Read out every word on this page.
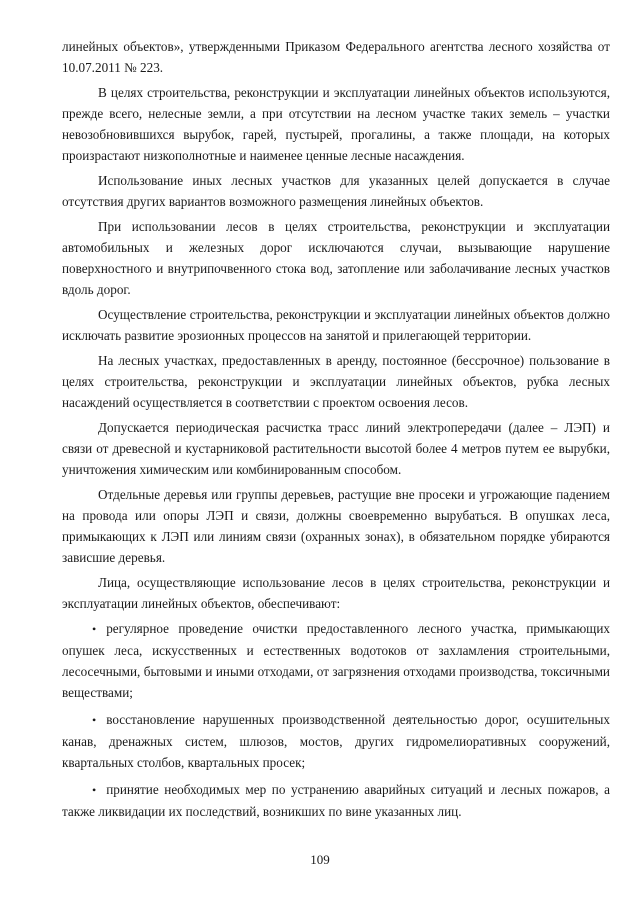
линейных объектов», утвержденными Приказом Федерального агентства лесного хозяйства от 10.07.2011 № 223.

В целях строительства, реконструкции и эксплуатации линейных объектов используются, прежде всего, нелесные земли, а при отсутствии на лесном участке таких земель – участки невозобновившихся вырубок, гарей, пустырей, прогалины, а также площади, на которых произрастают низкополнотные и наименее ценные лесные насаждения.

Использование иных лесных участков для указанных целей допускается в случае отсутствия других вариантов возможного размещения линейных объектов.

При использовании лесов в целях строительства, реконструкции и эксплуатации автомобильных и железных дорог исключаются случаи, вызывающие нарушение поверхностного и внутрипочвенного стока вод, затопление или заболачивание лесных участков вдоль дорог.

Осуществление строительства, реконструкции и эксплуатации линейных объектов должно исключать развитие эрозионных процессов на занятой и прилегающей территории.

На лесных участках, предоставленных в аренду, постоянное (бессрочное) пользование в целях строительства, реконструкции и эксплуатации линейных объектов, рубка лесных насаждений осуществляется в соответствии с проектом освоения лесов.

Допускается периодическая расчистка трасс линий электропередачи (далее – ЛЭП) и связи от древесной и кустарниковой растительности высотой более 4 метров путем ее вырубки, уничтожения химическим или комбинированным способом.

Отдельные деревья или группы деревьев, растущие вне просеки и угрожающие падением на провода или опоры ЛЭП и связи, должны своевременно вырубаться. В опушках леса, примыкающих к ЛЭП или линиям связи (охранных зонах), в обязательном порядке убираются зависшие деревья.

Лица, осуществляющие использование лесов в целях строительства, реконструкции и эксплуатации линейных объектов, обеспечивают:

• регулярное проведение очистки предоставленного лесного участка, примыкающих опушек леса, искусственных и естественных водотоков от захламления строительными, лесосечными, бытовыми и иными отходами, от загрязнения отходами производства, токсичными веществами;

• восстановление нарушенных производственной деятельностью дорог, осушительных канав, дренажных систем, шлюзов, мостов, других гидромелиоративных сооружений, квартальных столбов, квартальных просек;

• принятие необходимых мер по устранению аварийных ситуаций и лесных пожаров, а также ликвидации их последствий, возникших по вине указанных лиц.

109
